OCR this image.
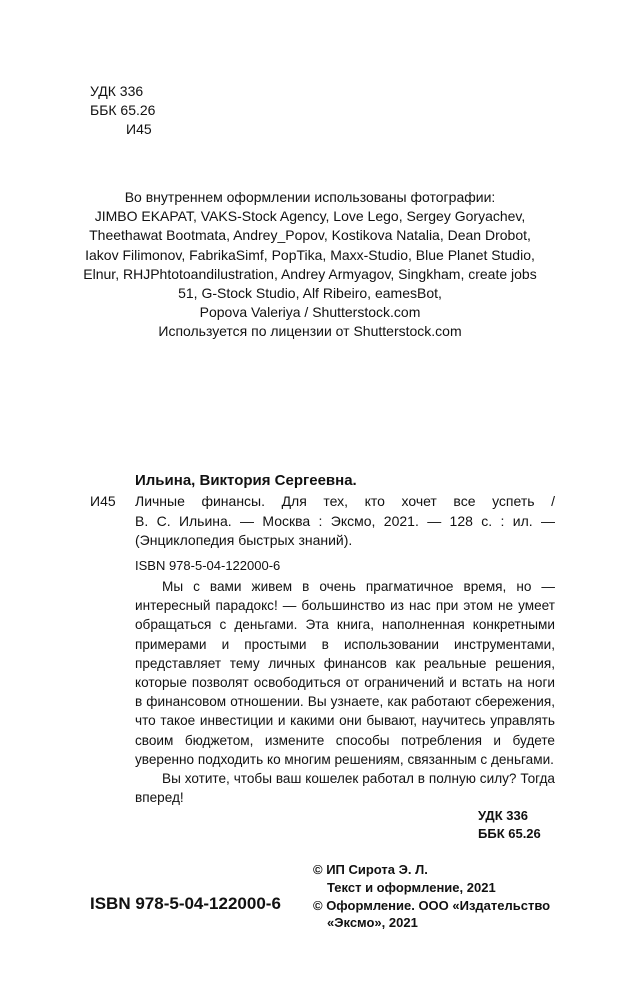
УДК 336
ББК 65.26
И45
Во внутреннем оформлении использованы фотографии:
JIMBO EKAPAT, VAKS-Stock Agency, Love Lego, Sergey Goryachev,
Theethawat Bootmata, Andrey_Popov, Kostikova Natalia, Dean Drobot,
Iakov Filimonov, FabrikaSimf, PopTika, Maxx-Studio, Blue Planet Studio,
Elnur, RHJPhtotoandilustration, Andrey Armyagov, Singkham, create jobs
51, G-Stock Studio, Alf Ribeiro, eamesBot,
Popova Valeriya / Shutterstock.com
Используется по лицензии от Shutterstock.com
Ильина, Виктория Сергеевна.
И45 Личные финансы. Для тех, кто хочет все успеть /
В. С. Ильина. — Москва : Эксмо, 2021. — 128 с. : ил. —
(Энциклопедия быстрых знаний).
ISBN 978-5-04-122000-6

Мы с вами живем в очень прагматичное время, но — интересный парадокс! — большинство из нас при этом не умеет обращаться с деньгами. Эта книга, наполненная конкретными примерами и простыми в использовании инструментами, представляет тему личных финансов как реальные решения, которые позволят освободиться от ограничений и встать на ноги в финансовом отношении. Вы узнаете, как работают сбережения, что такое инвестиции и какими они бывают, научитесь управлять своим бюджетом, измените способы потребления и будете уверенно подходить ко многим решениям, связанным с деньгами.

Вы хотите, чтобы ваш кошелек работал в полную силу? Тогда вперед!

УДК 336
ББК 65.26
© ИП Сирота Э. Л.
Текст и оформление, 2021
© Оформление. ООО «Издательство
«Эксмо», 2021
ISBN 978-5-04-122000-6
